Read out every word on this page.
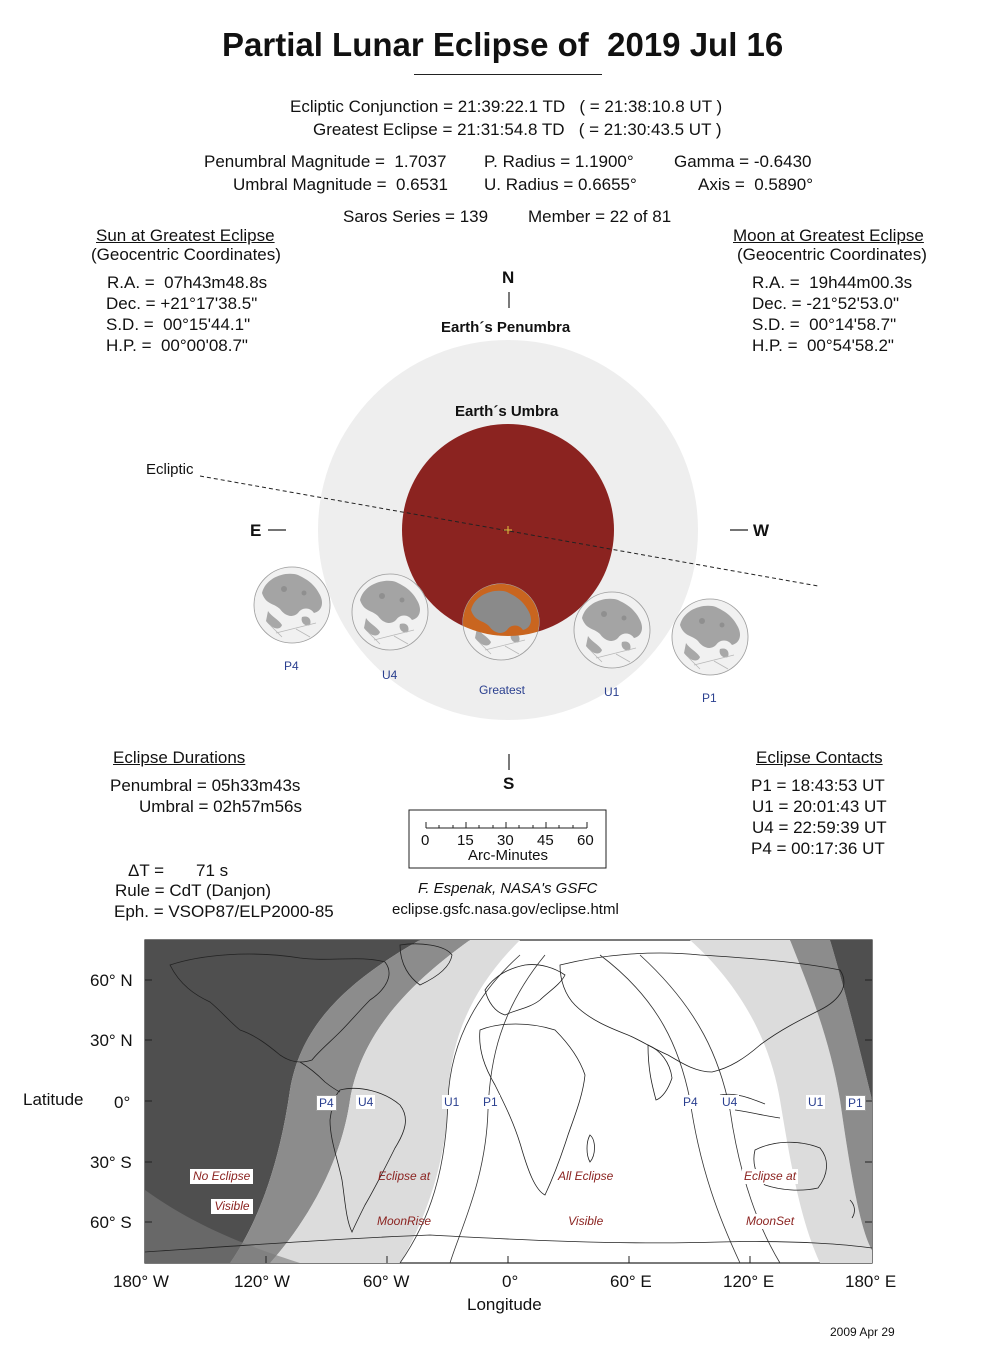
Partial Lunar Eclipse of  2019 Jul 16
Ecliptic Conjunction = 21:39:22.1 TD   ( = 21:38:10.8 UT )
Greatest Eclipse = 21:31:54.8 TD   ( = 21:30:43.5 UT )
Penumbral Magnitude =  1.7037
Umbral Magnitude =  0.6531
P. Radius = 1.1900°
U. Radius = 0.6655°
Gamma = -0.6430
Axis =  0.5890°
Saros Series = 139 Member = 22 of 81
Sun at Greatest Eclipse
(Geocentric Coordinates)
R.A. =  07h43m48.8s
Dec. = +21°17'38.5"
S.D. =  00°15'44.1"
H.P. =  00°00'08.7"
Moon at Greatest Eclipse
(Geocentric Coordinates)
R.A. =  19h44m00.3s
Dec. = -21°52'53.0"
S.D. =  00°14'58.7"
H.P. =  00°54'58.2"
N
S
E	W
Earth´s Penumbra
Earth´s Umbra
Ecliptic
P4
U4
Greatest	U1	P1
Eclipse Durations
Penumbral = 05h33m43s
Umbral = 02h57m56s
Eclipse Contacts
P1 = 18:43:53 UT
U1 = 20:01:43 UT
U4 = 22:59:39 UT
P4 = 00:17:36 UT
0 15 30 45 60
Arc-Minutes
ΔT = 71 s
Rule = CdT (Danjon)
Eph. = VSOP87/ELP2000-85
F. Espenak, NASA's GSFC
eclipse.gsfc.nasa.gov/eclipse.html
60° N
30° N
0°
30° S
60° S
Latitude
180° W	120° W	60° W	0°	60° E	120° E	180° E
Longitude
P4 U4	U1 P1	P4 U4	U1 P1

No Eclipse

Visible

Eclipse at

MoonRise

All Eclipse

Visible

Eclipse at

MoonSet

2009 Apr 29
